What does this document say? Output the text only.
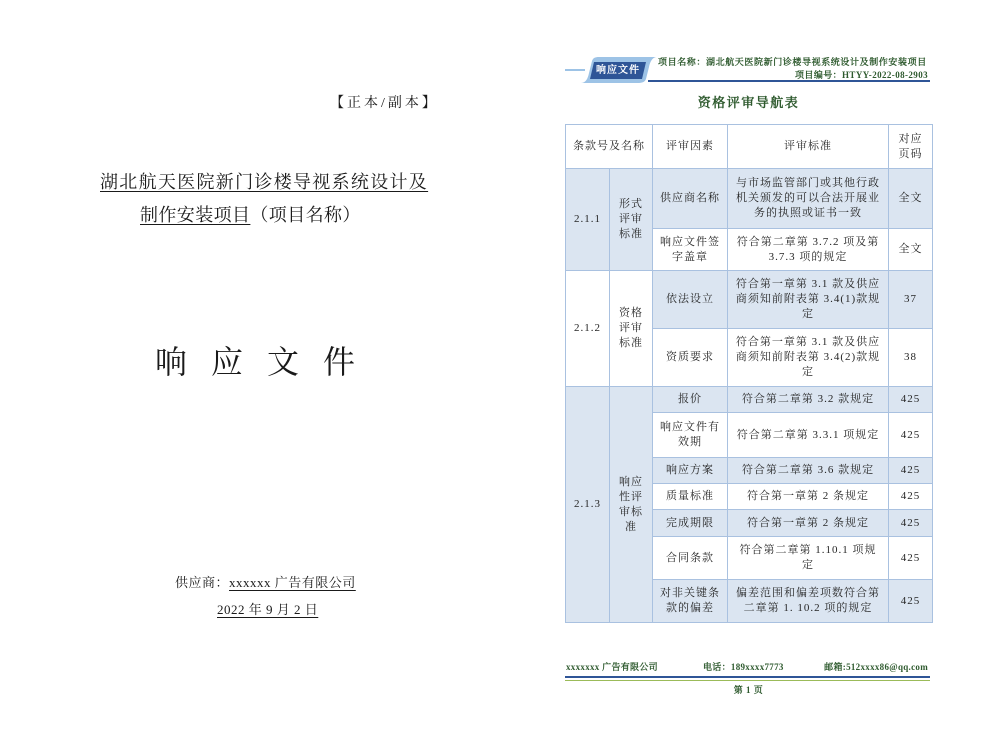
【正本/副本】
湖北航天医院新门诊楼导视系统设计及
制作安装项目（项目名称）
响 应 文 件
供应商：xxxxxx 广告有限公司
2022 年 9 月 2 日
响应文件
项目名称：湖北航天医院新门诊楼导视系统设计及制作安装项目
项目编号：HTYY-2022-08-2903
资格评审导航表
条款号及名称		评审因素	评审标准	对应页码
2.1.1	形式评审标准	供应商名称	与市场监管部门或其他行政机关颁发的可以合法开展业务的执照或证书一致	全文
		响应文件签字盖章	符合第二章第 3.7.2 项及第 3.7.3 项的规定	全文
2.1.2	资格评审标准	依法设立	符合第一章第 3.1 款及供应商须知前附表第 3.4(1)款规定	37
		资质要求	符合第一章第 3.1 款及供应商须知前附表第 3.4(2)款规定	38
2.1.3	响应性评审标准	报价	符合第二章第 3.2 款规定	425
		响应文件有效期	符合第二章第 3.3.1 项规定	425
		响应方案	符合第二章第 3.6 款规定	425
		质量标准	符合第一章第 2 条规定	425
		完成期限	符合第一章第 2 条规定	425
		合同条款	符合第二章第 1.10.1 项规定	425
		对非关键条款的偏差	偏差范围和偏差项数符合第二章第 1. 10.2 项的规定	425
xxxxxxx 广告有限公司	电话：189xxxx7773	邮箱:512xxxx86@qq.com
第 1 页
